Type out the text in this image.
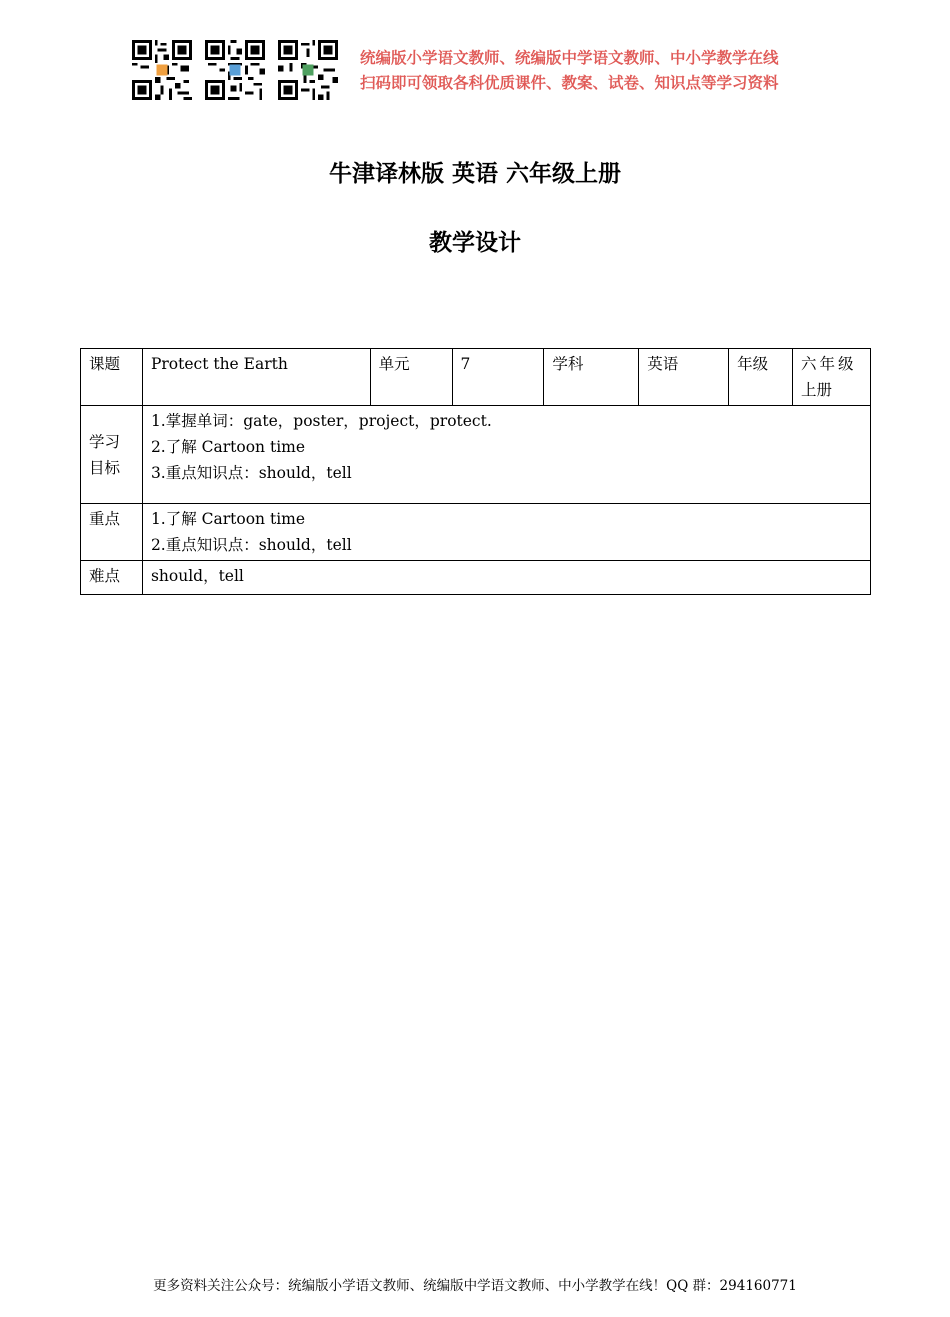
统编版小学语文教师、统编版中学语文教师、中小学教学在线
扫码即可领取各科优质课件、教案、试卷、知识点等学习资料
牛津译林版 英语 六年级上册
教学设计
课题	Protect the Earth	单元	7	学科	英语	年级	六年级
上册

学习
目标	1.掌握单词：gate，poster，project，protect.
2.了解 Cartoon time
3.重点知识点：should，tell						

重点	1.了解 Cartoon time
2.重点知识点：should，tell						

难点	should，tell						
更多资料关注公众号：统编版小学语文教师、统编版中学语文教师、中小学教学在线！QQ 群：294160771
